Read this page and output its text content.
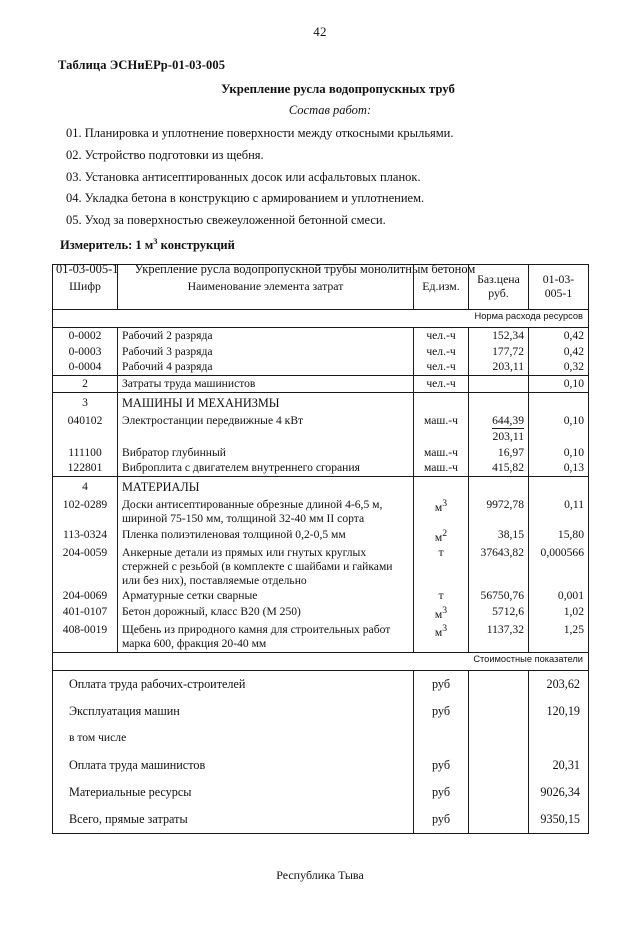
42
Таблица ЭСНиЕРр-01-03-005
Укрепление русла водопропускных труб
Состав работ:
01. Планировка и уплотнение поверхности между откосными крыльями.
02. Устройство подготовки из щебня.
03. Установка антисептированных досок или асфальтовых планок.
04. Укладка бетона в конструкцию с армированием и уплотнением.
05. Уход за поверхностью свежеуложенной бетонной смеси.
Измеритель: 1 $м^3$ конструкций
01-03-005-1 Укрепление русла водопропускной трубы монолитным бетоном
Шифр	Наименование элемента затрат	Ед.изм.	Баз.цена
руб.	01-03-005-1
Норма расхода ресурсов				
0-0002	Рабочий 2 разряда	чел.-ч	152,34	0,42
0-0003	Рабочий 3 разряда	чел.-ч	177,72	0,42
0-0004	Рабочий 4 разряда	чел.-ч	203,11	0,32
2	Затраты труда машинистов	чел.-ч		0,10
3	МАШИНЫ И МЕХАНИЗМЫ			
040102	Электростанции передвижные 4 кВт	маш.-ч	$\frac{644,39}{203,11}$	0,10
111100	Вибратор глубинный	маш.-ч	16,97	0,10
122801	Виброплита с двигателем внутреннего сгорания	маш.-ч	415,82	0,13
4	МАТЕРИАЛЫ			
102-0289	Доски антисептированные обрезные длиной 4-6,5 м, шириной 75-150 мм, толщиной 32-40 мм II сорта	$м^3$	9972,78	0,11
113-0324	Пленка полиэтиленовая толщиной 0,2-0,5 мм	$м^2$	38,15	15,80
204-0059	Анкерные детали из прямых или гнутых круглых стержней с резьбой (в комплекте с шайбами и гайками или без них), поставляемые отдельно	т	37643,82	0,000566
204-0069	Арматурные сетки сварные	т	56750,76	0,001
401-0107	Бетон дорожный, класс В20 (М 250)	$м^3$	5712,6	1,02
408-0019	Щебень из природного камня для строительных работ марка 600, фракция 20-40 мм	$м^3$	1137,32	1,25
Стоимостные показатели				
Оплата труда рабочих-строителей		руб		203,62
Эксплуатация машин		руб		120,19
в том числе				
Оплата труда машинистов		руб		20,31
Материальные ресурсы		руб		9026,34
Всего, прямые затраты		руб		9350,15
Республика Тыва
